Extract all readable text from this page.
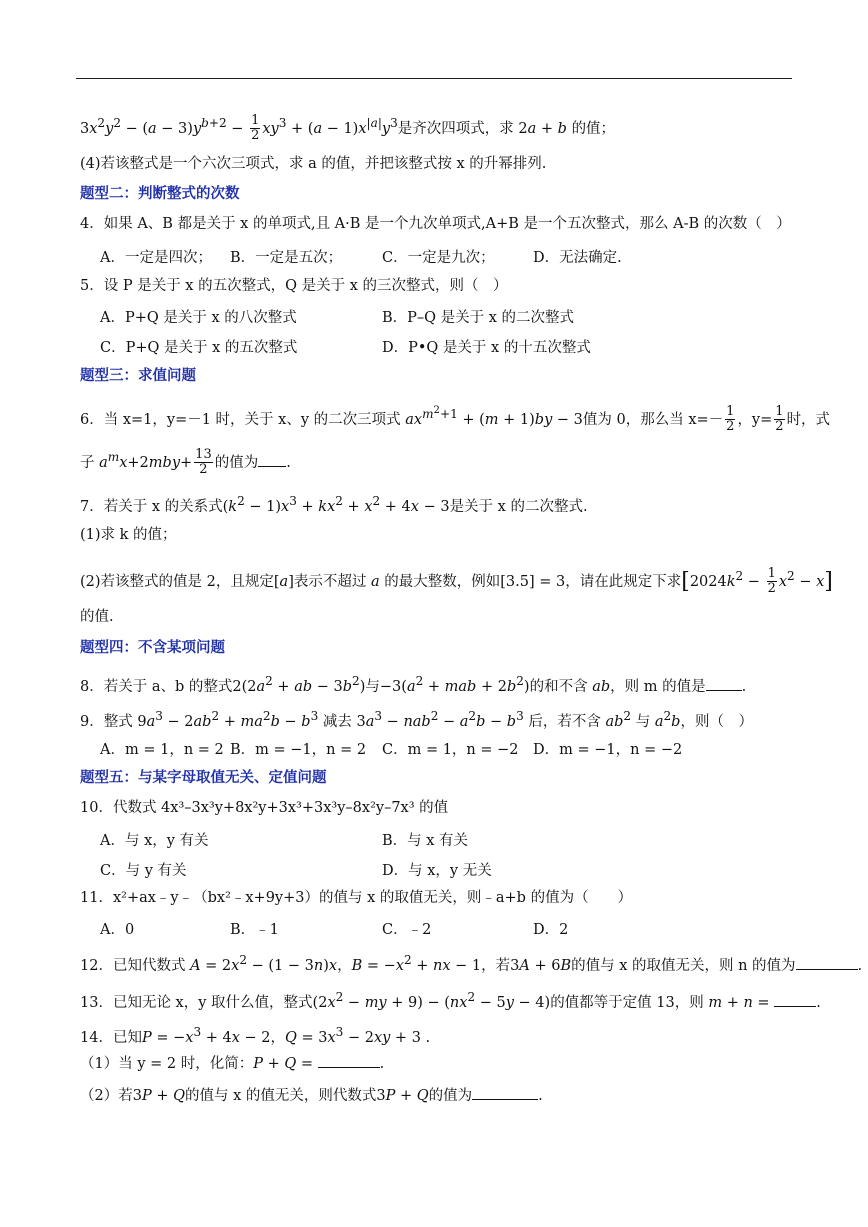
$3x^2y^2 - (a - 3)y^{b+2} - \frac{1}{2} xy^3 + (a - 1)x^{|a|}y^3$是齐次四项式，求 2a + b 的值；
(4)若该整式是一个六次三项式，求 a 的值，并把该整式按 x 的升幂排列.
题型二：判断整式的次数
4．如果 A、B 都是关于 x 的单项式,且 A·B 是一个九次单项式,A+B 是一个五次整式，那么 A-B 的次数（　）
A．一定是四次； B．一定是五次；	C．一定是九次；	D．无法确定.
5．设 P 是关于 x 的五次整式，Q 是关于 x 的三次整式，则（　）
A．P+Q 是关于 x 的八次整式	B．P–Q 是关于 x 的二次整式
C．P+Q 是关于 x 的五次整式	D．P•Q 是关于 x 的十五次整式
题型三：求值问题
6．当 x=1，y=－1 时，关于 x、y 的二次三项式 $ax^{m^2+1} + (m + 1)by - 3$值为 0，那么当 $x=- \frac{1}{2}$ ，$y= \frac{1}{2}$ 时，式
子 $a^mx+2mby+ \frac{13}{2}$ 的值为 .
7．若关于 x 的关系式$(k^2 - 1)x^3 + kx^2 + x^2 + 4x - 3$是关于 x 的二次整式.
(1)求 k 的值；
(2)若该整式的值是 2，且规定[a]表示不超过 a 的最大整数，例如[3.5] = 3，请在此规定下求$[2024k^2 - \frac{1}{2} x^2 - x]$
的值.
题型四：不含某项问题
8．若关于 a、b 的整式$2(2a^2$ + ab − $3b^2$)与$-3(a^2$ + mab + $2b^2$)的和不含 ab，则 m 的值是 .
9．整式 $9a^3 - 2ab^2 + ma^2b - b^3$ 减去 $3a^3 - nab^2 - a^2b - b^3$ 后，若不含 $ab^2$ 与 $a^2b$，则（　）
A．m = 1，n = 2 B．m = −1，n = 2 C．m = 1，n = −2 D．m = −1，n = −2
题型五：与某字母取值无关、定值问题
10．代数式 4x³–3x³y+8x²y+3x³+3x³y–8x²y–7x³ 的值
A．与 x，y 有关	B．与 x 有关
C．与 y 有关	D．与 x，y 无关
11．x²+ax﹣y﹣（bx²﹣x+9y+3）的值与 x 的取值无关，则﹣a+b 的值为（　　）
A．0	B．﹣1	C．﹣2	D．2
12．已知代数式 $A = 2x^2 - (1 - 3n)x$，$B = -x^2$ + nx − 1，若3A + 6B的值与 x 的取值无关，则 n 的值为	.
13．已知无论 x，y 取什么值，整式($2x^2$ − my + $9) - (nx^2 - 5y - 4)$的值都等于定值 13，则 m + n =	.
14．已知$P = -x^3 + 4x - 2$，$Q = 3x^3 - 2xy + 3$ .
（1）当 y = 2 时，化简：P + Q =	.
（2）若3P + Q的值与 x 的值无关，则代数式3P + Q的值为	.
